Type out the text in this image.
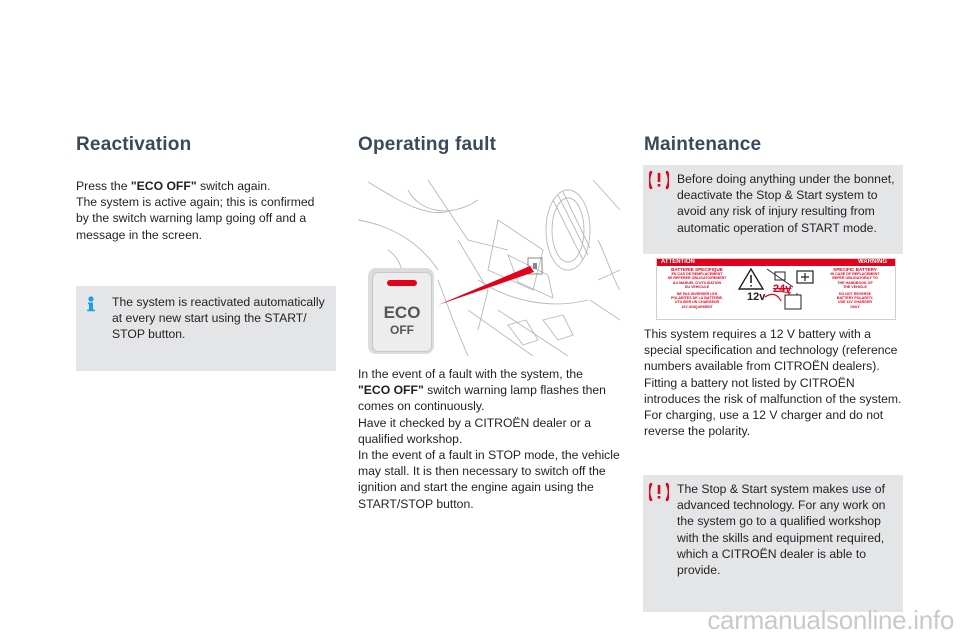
Reactivation

Press the "ECO OFF" switch again.
The system is active again; this is confirmed by the switch warning lamp going off and a message in the screen.

The system is reactivated automatically at every new start using the START/ STOP button.

Operating fault
ECO
OFF

In the event of a fault with the system, the
"ECO OFF" switch warning lamp flashes then comes on continuously.
Have it checked by a CITROËN dealer or a qualified workshop.
In the event of a fault in STOP mode, the vehicle may stall. It is then necessary to switch off the ignition and start the engine again using the START/STOP button.

Maintenance

Before doing anything under the bonnet, deactivate the Stop & Start system to avoid any risk of injury resulting from automatic operation of START mode.

ATTENTION	WARNING
BATTERIE SPECIFIQUE
EN CAS DE REMPLACEMENT
SE REFERER OBLIGATOIREMENT
AU MANUEL D'UTILISATION
DU VEHICULE
NE PAS INVERSER LES
POLARITES DE LA BATTERIE,
UTILISER UN CHARGEUR
12V UNIQUEMENT
SPECIFIC BATTERY
IN CASE OF REPLACEMENT
REFER OBLIGATORILY TO
THE HANDBOOK OF
THE VEHICLE
DO NOT REVERSE
BATTERY POLARITY,
USE 12V CHARGER
ONLY
12v
24v

This system requires a 12 V battery with a special specification and technology (reference numbers available from CITROËN dealers).
Fitting a battery not listed by CITROËN introduces the risk of malfunction of the system.
For charging, use a 12 V charger and do not reverse the polarity.

The Stop & Start system makes use of advanced technology. For any work on the system go to a qualified workshop with the skills and equipment required, which a CITROËN dealer is able to provide.

carmanualsonline.info
